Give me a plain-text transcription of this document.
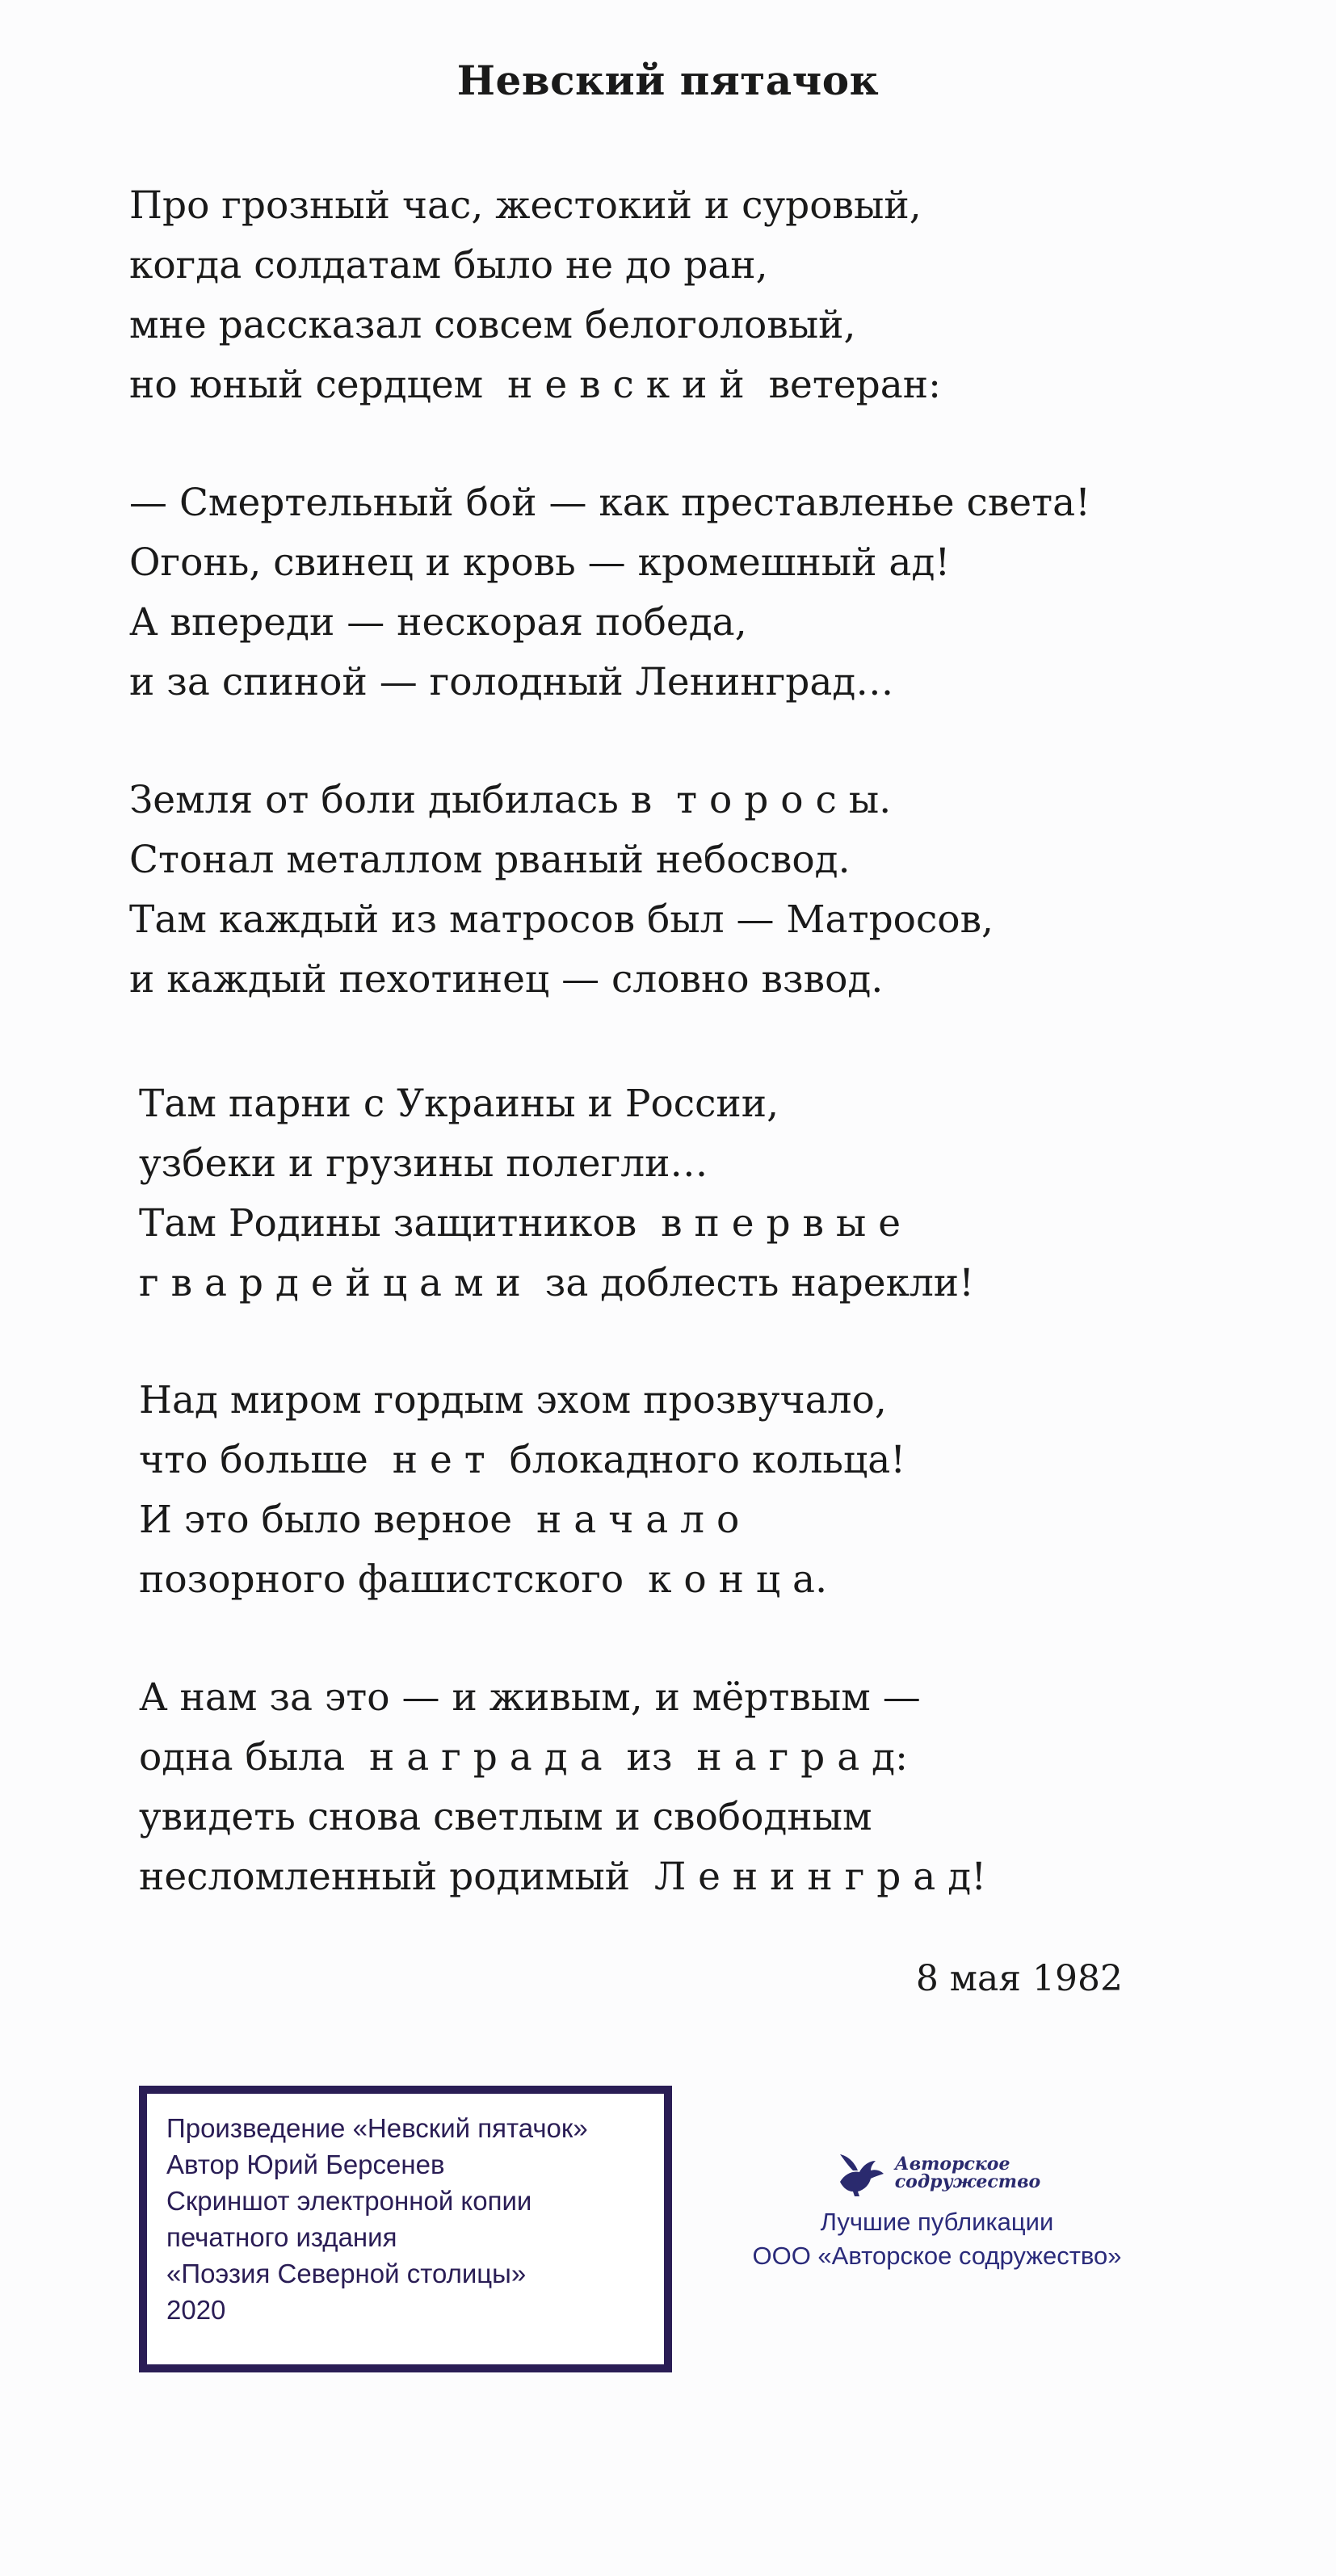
Невский пятачок
Про грозный час, жестокий и суровый,
когда солдатам было не до ран,
мне рассказал совсем белоголовый,
но юный сердцем  н е в с к и й  ветеран:
— Смертельный бой — как преставленье света!
Огонь, свинец и кровь — кромешный ад!
А впереди — нескорая победа,
и за спиной — голодный Ленинград…
Земля от боли дыбилась в  т о р о с ы.
Стонал металлом рваный небосвод.
Там каждый из матросов был — Матросов,
и каждый пехотинец — словно взвод.
Там парни с Украины и России,
узбеки и грузины полегли…
Там Родины защитников  в п е р в ы е
г в а р д е й ц а м и  за доблесть нарекли!
Над миром гордым эхом прозвучало,
что больше  н е т  блокадного кольца!
И это было верное  н а ч а л о
позорного фашистского  к о н ц а.
А нам за это — и живым, и мёртвым —
одна была  н а г р а д а  из  н а г р а д:
увидеть снова светлым и свободным
несломленный родимый  Л е н и н г р а д!
8 мая 1982
Произведение «Невский пятачок»
Автор Юрий Берсенев
Скриншот электронной копии
печатного издания
«Поэзия Северной столицы»
2020
Авторское
содружество
Лучшие публикации
ООО «Авторское содружество»
